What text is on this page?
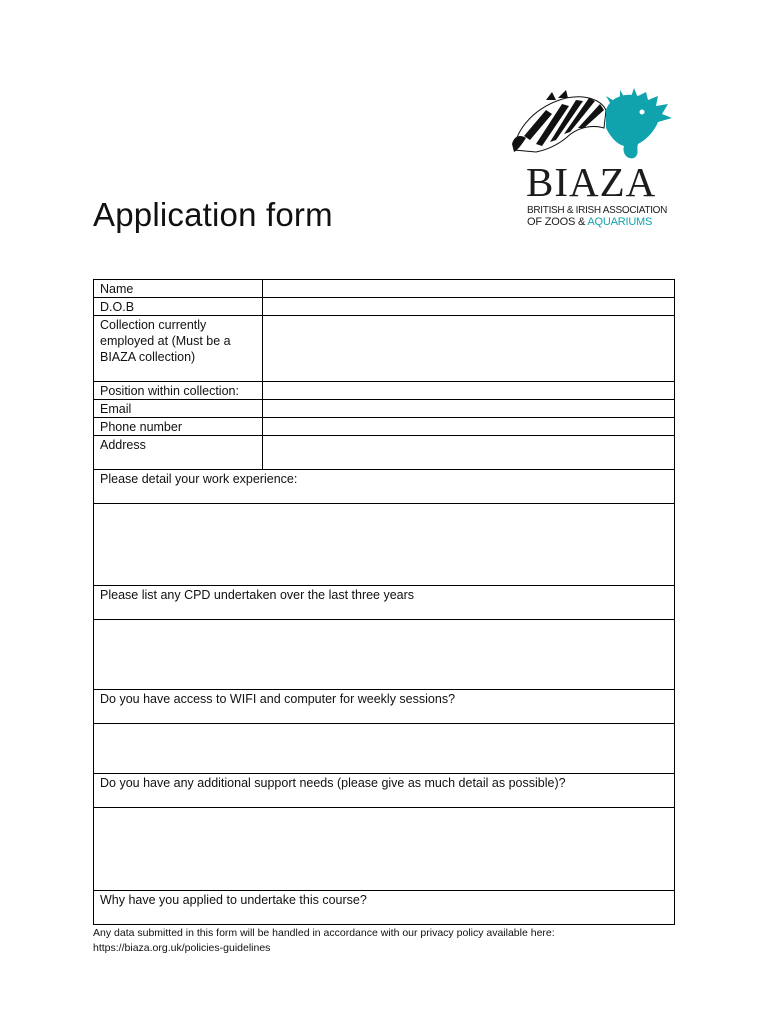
Application form
BIAZA
BRITISH & IRISH ASSOCIATION
OF ZOOS & AQUARIUMS
Name	
D.O.B	
Collection currently employed at (Must be a BIAZA collection)	
Position within collection:	
Email	
Phone number	
Address	
Please detail your work experience:	

Please list any CPD undertaken over the last three years	

Do you have access to WIFI and computer for weekly sessions?	

Do you have any additional support needs (please give as much detail as possible)?	

Why have you applied to undertake this course?	
Any data submitted in this form will be handled in accordance with our privacy policy available here:
https://biaza.org.uk/policies-guidelines
